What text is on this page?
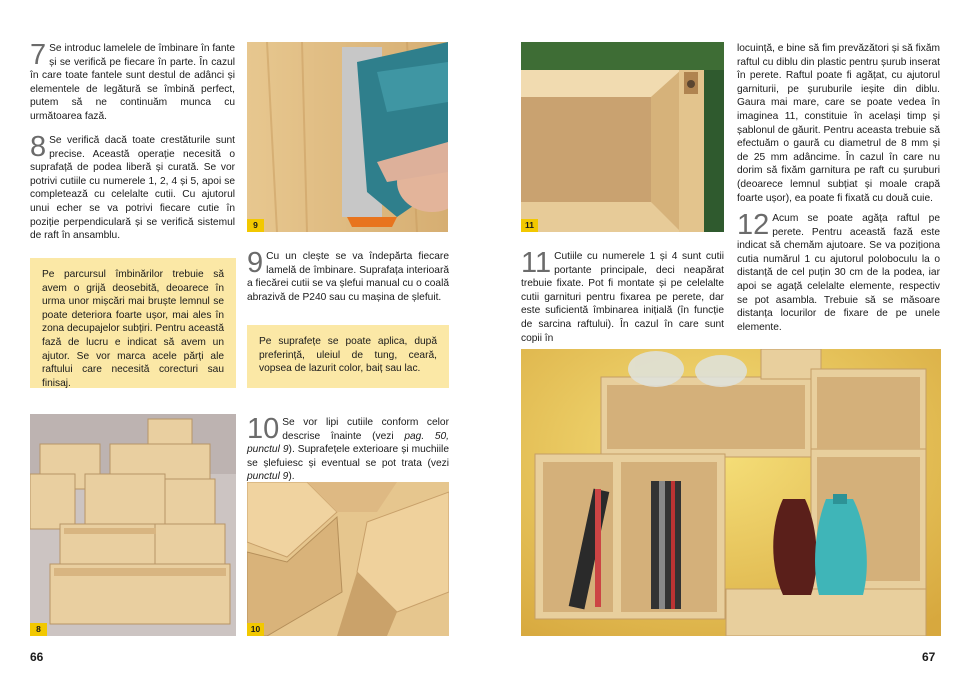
7 Se introduc lamelele de îmbinare în fante și se verifică pe fiecare în parte. În cazul în care toate fantele sunt destul de adânci și elementele de legătură se îmbină perfect, putem să ne continuăm munca cu următoarea fază.
8 Se verifică dacă toate crestăturile sunt precise. Această operație necesită o suprafață de podea liberă și curată. Se vor potrivi cutiile cu numerele 1, 2, 4 și 5, apoi se completează cu celelalte cutii. Cu ajutorul unui echer se va potrivi fiecare cutie în poziție perpendiculară și se verifică sistemul de raft în ansamblu.
Pe parcursul îmbinărilor trebuie să avem o grijă deosebită, deoarece în urma unor mișcări mai bruște lemnul se poate deteriora foarte ușor, mai ales în zona decupajelor subțiri. Pentru această fază de lucru e indicat să avem un ajutor. Se vor marca acele părți ale raftului care necesită corecturi sau finisaj.
9
9 Cu un clește se va îndepărta fiecare lamelă de îmbinare. Suprafața interioară a fiecărei cutii se va șlefui manual cu o coală abrazivă de P240 sau cu mașina de șlefuit.
Pe suprafețe se poate aplica, după preferință, uleiul de tung, ceară, vopsea de lazurit color, baiț sau lac.
8
10 Se vor lipi cutiile conform celor descrise înainte (vezi pag. 50, punctul 9). Suprafețele exterioare și muchiile se șlefuiesc și eventual se pot trata (vezi punctul 9).
10
66
11
locuință, e bine să fim prevăzători și să fixăm raftul cu diblu din plastic pentru șurub inserat în perete. Raftul poate fi agățat, cu ajutorul garniturii, pe șuruburile ieșite din diblu. Gaura mai mare, care se poate vedea în imaginea 11, constituie în același timp și șablonul de găurit. Pentru aceasta trebuie să efectuăm o gaură cu diametrul de 8 mm și de 25 mm adâncime. În cazul în care nu dorim să fixăm garnitura pe raft cu șuruburi (deoarece lemnul subțiat și moale crapă foarte ușor), ea poate fi fixată cu două cuie.
11 Cutiile cu numerele 1 și 4 sunt cutii portante principale, deci neapărat trebuie fixate. Pot fi montate și pe celelalte cutii garnituri pentru fixarea pe perete, dar este suficientă îmbinarea inițială (în funcție de sarcina raftului). În cazul în care sunt copii în
12 Acum se poate agăța raftul pe perete. Pentru această fază este indicat să chemăm ajutoare. Se va poziționa cutia numărul 1 cu ajutorul poloboculu la o distanță de cel puțin 30 cm de la podea, iar apoi se agață celelalte elemente, respectiv se pot asambla. Trebuie să se măsoare distanța locurilor de fixare de pe unele elemente.
67
